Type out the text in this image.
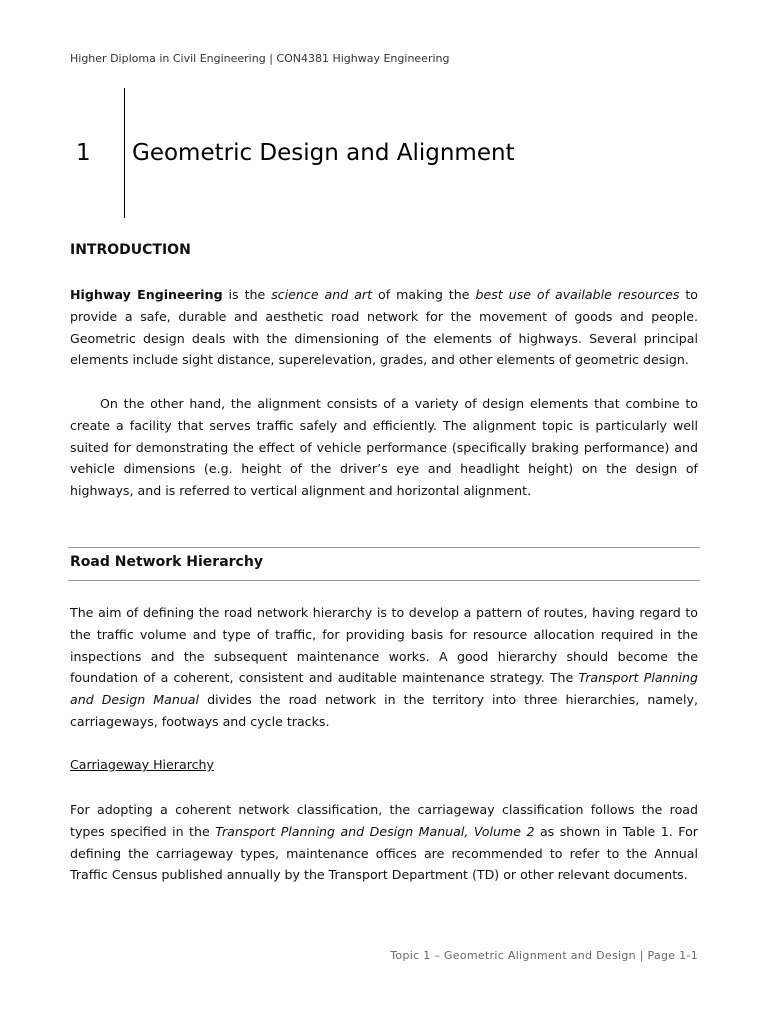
Higher Diploma in Civil Engineering | CON4381 Highway Engineering
1 Geometric Design and Alignment
INTRODUCTION
Highway Engineering is the science and art of making the best use of available resources to provide a safe, durable and aesthetic road network for the movement of goods and people. Geometric design deals with the dimensioning of the elements of highways. Several principal elements include sight distance, superelevation, grades, and other elements of geometric design.
On the other hand, the alignment consists of a variety of design elements that combine to create a facility that serves traffic safely and efficiently. The alignment topic is particularly well suited for demonstrating the effect of vehicle performance (specifically braking performance) and vehicle dimensions (e.g. height of the driver’s eye and headlight height) on the design of highways, and is referred to vertical alignment and horizontal alignment.
Road Network Hierarchy
The aim of defining the road network hierarchy is to develop a pattern of routes, having regard to the traffic volume and type of traffic, for providing basis for resource allocation required in the inspections and the subsequent maintenance works. A good hierarchy should become the foundation of a coherent, consistent and auditable maintenance strategy. The Transport Planning and Design Manual divides the road network in the territory into three hierarchies, namely, carriageways, footways and cycle tracks.
Carriageway Hierarchy
For adopting a coherent network classification, the carriageway classification follows the road types specified in the Transport Planning and Design Manual, Volume 2 as shown in Table 1. For defining the carriageway types, maintenance offices are recommended to refer to the Annual Traffic Census published annually by the Transport Department (TD) or other relevant documents.
Topic 1 – Geometric Alignment and Design | Page 1-1
